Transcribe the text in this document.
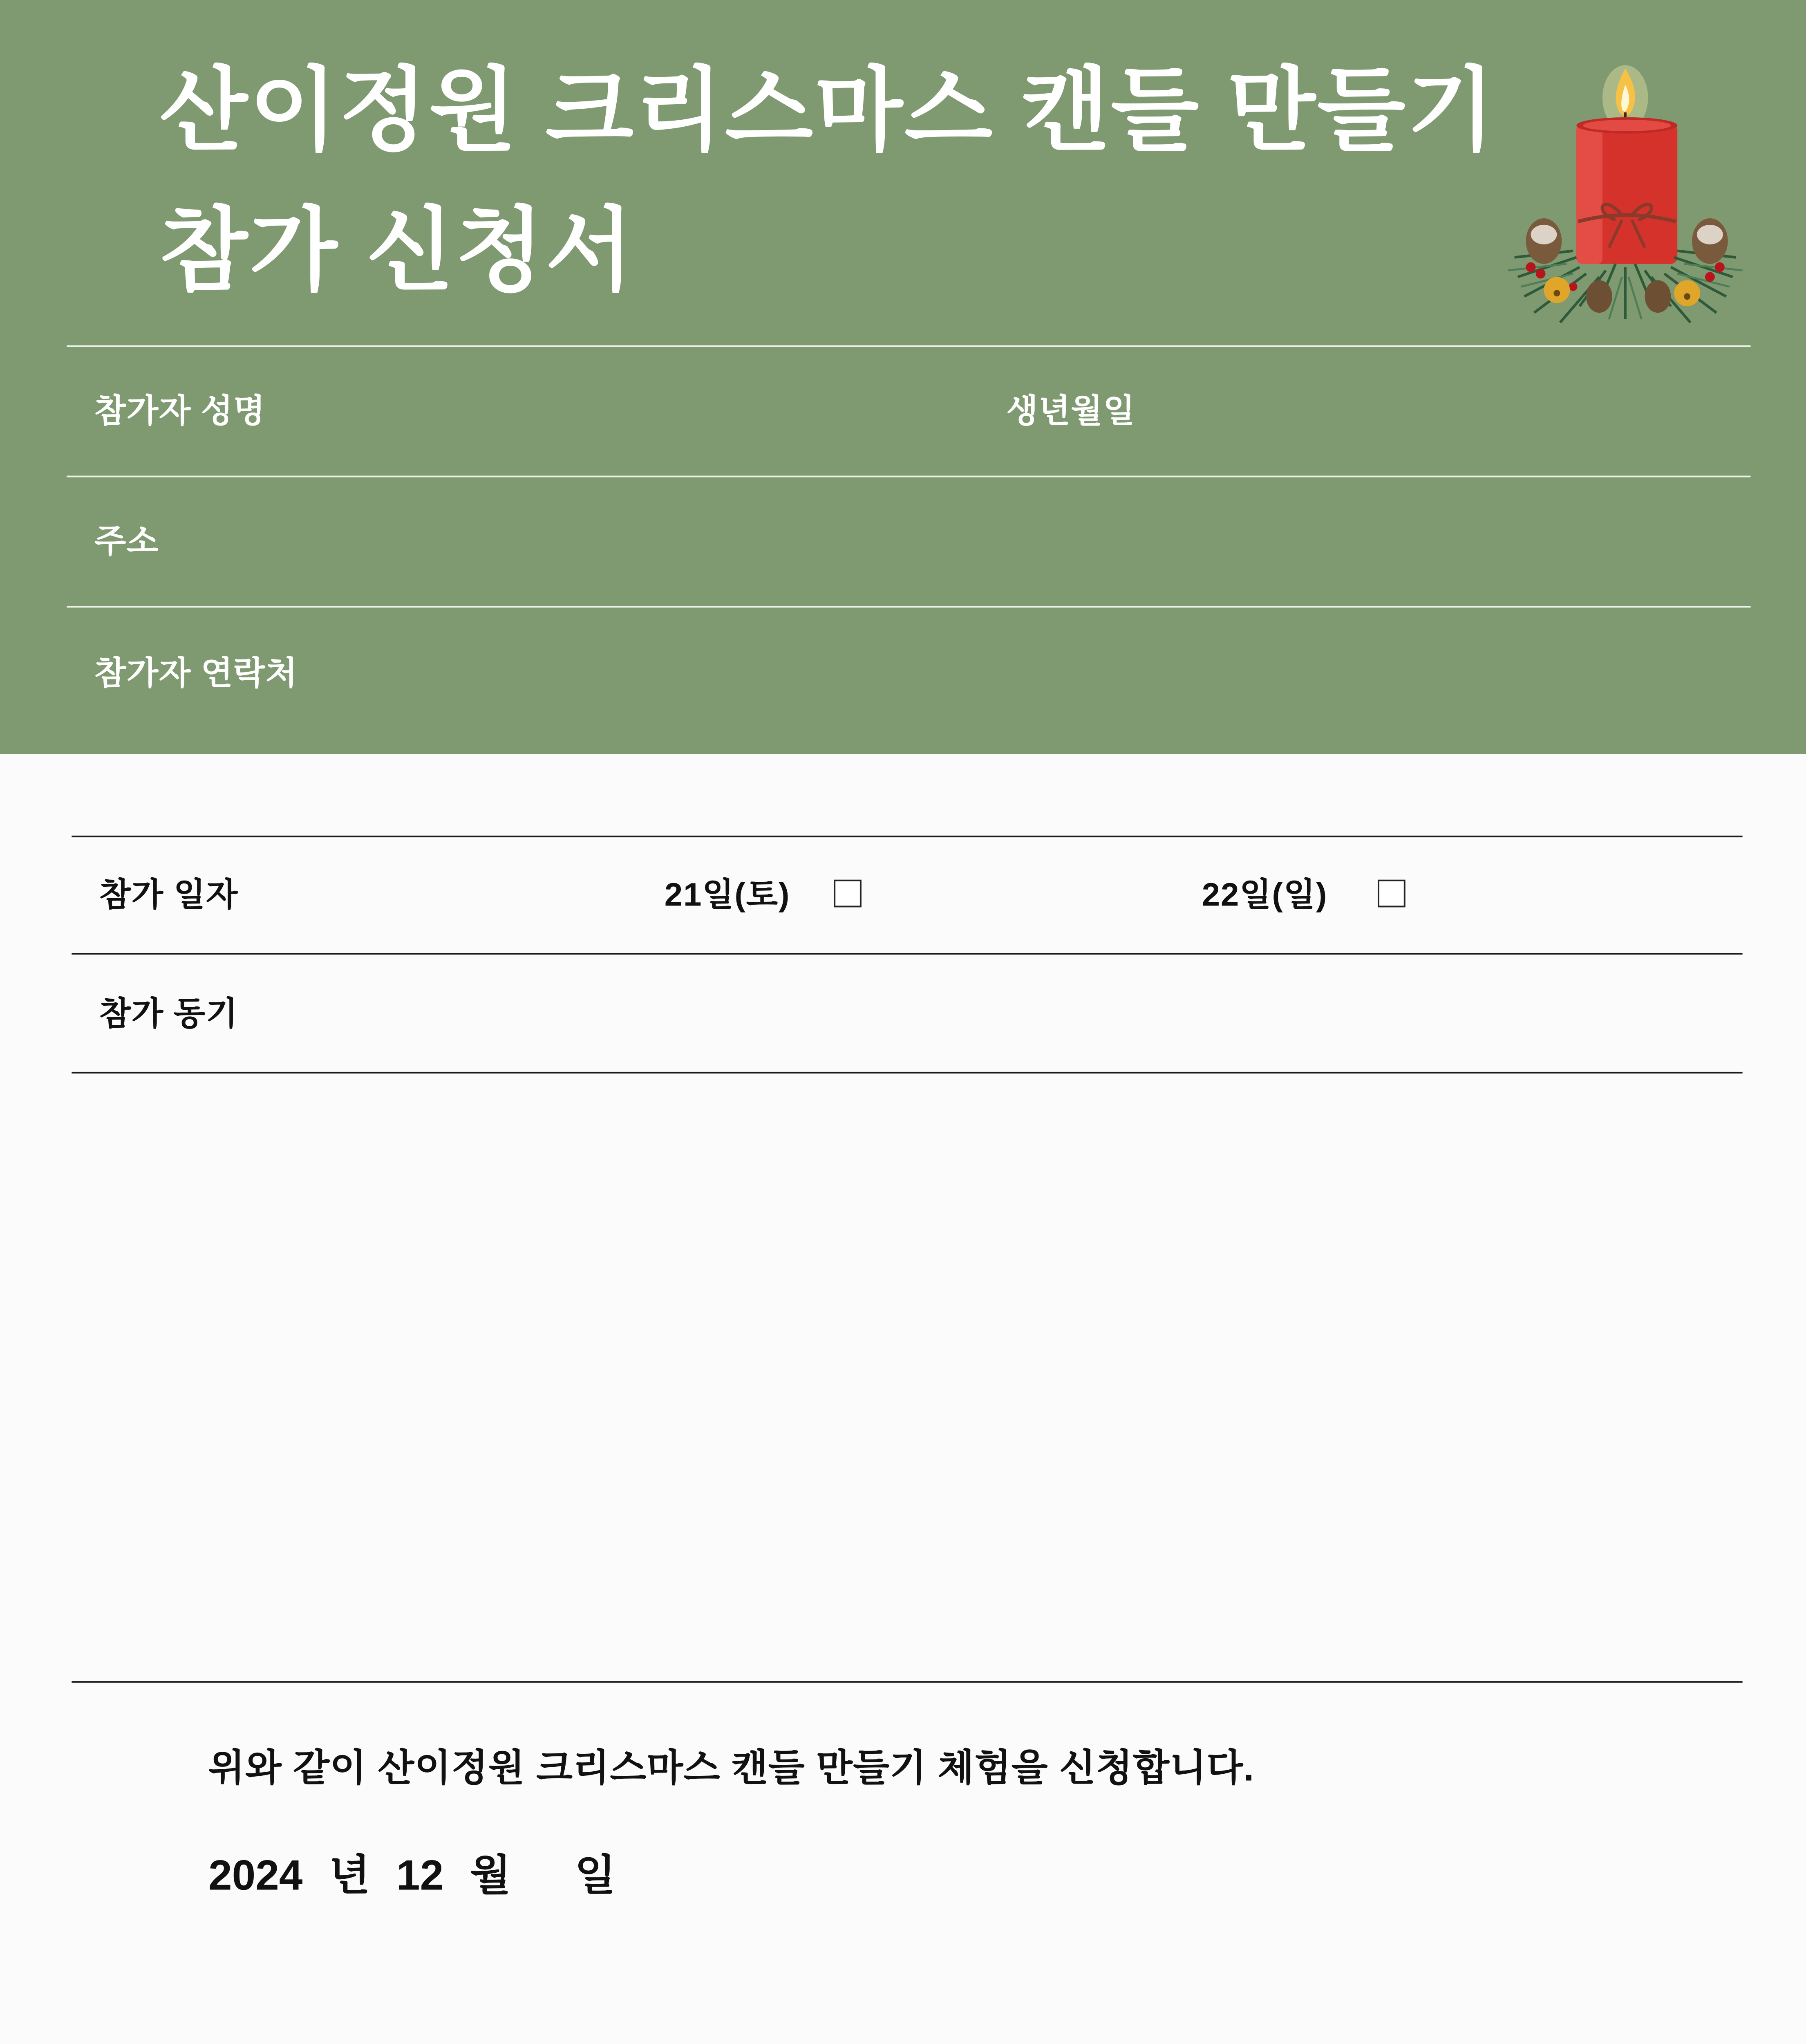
산이정원 크리스마스 캔들 만들기
참가 신청서
참가자 성명	생년월일
주소
참가자 연락처
참가 일자	21일(토)	22일(일)
참가 동기
위와 같이 산이정원 크리스마스 캔들 만들기 체험을 신청합니다.
2024 년 12 월	일
